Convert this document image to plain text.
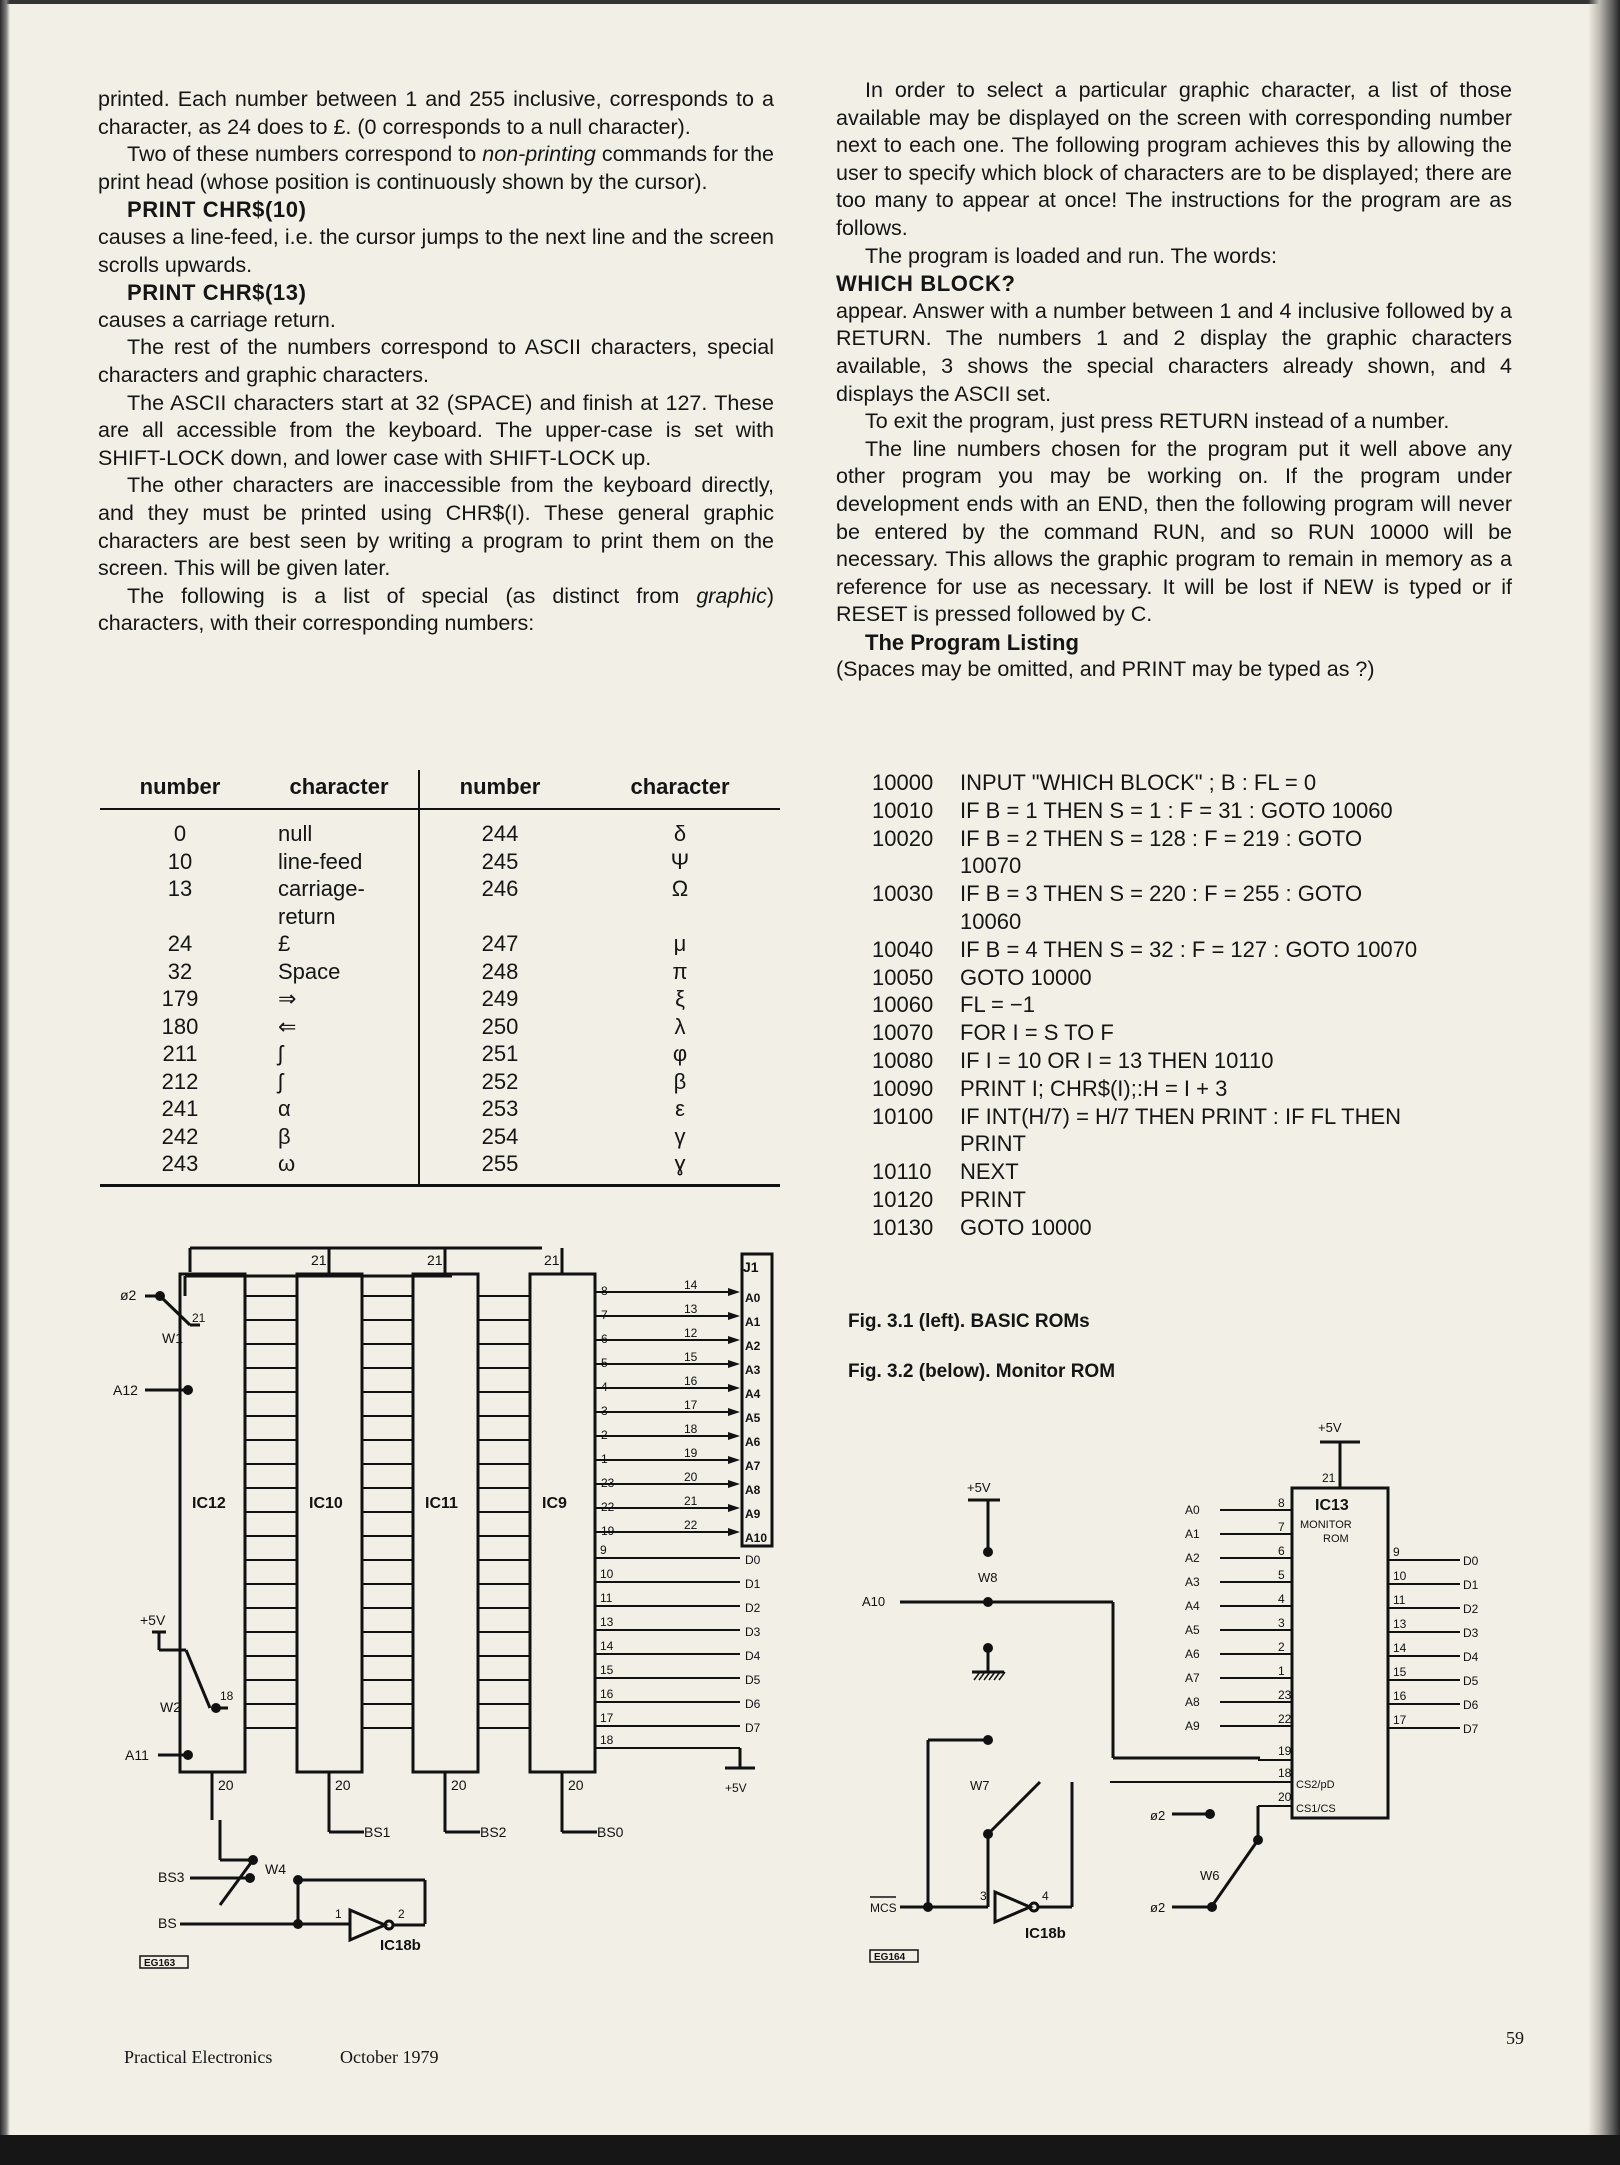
printed. Each number between 1 and 255 inclusive, corresponds to a character, as 24 does to £. (0 corresponds to a null character).

Two of these numbers correspond to non-printing commands for the print head (whose position is continuously shown by the cursor).

PRINT CHR$(10)

causes a line-feed, i.e. the cursor jumps to the next line and the screen scrolls upwards.

PRINT CHR$(13)

causes a carriage return.

The rest of the numbers correspond to ASCII characters, special characters and graphic characters.

The ASCII characters start at 32 (SPACE) and finish at 127. These are all accessible from the keyboard. The upper-case is set with SHIFT-LOCK down, and lower case with SHIFT-LOCK up.

The other characters are inaccessible from the keyboard directly, and they must be printed using CHR$(I). These general graphic characters are best seen by writing a program to print them on the screen. This will be given later.

The following is a list of special (as distinct from graphic) characters, with their corresponding numbers:

number	character	number	character
0	null	244	δ
10	line-feed	245	Ψ
13	carriage-	246	Ω
	return		
24	£	247	μ
32	Space	248	π
179	⇒	249	ξ
180	⇐	250	λ
211	ʃ	251	φ
212	ʃ	252	β
241	α	253	ε
242	β	254	γ
243	ω	255	ɣ

In order to select a particular graphic character, a list of those available may be displayed on the screen with corresponding number next to each one. The following program achieves this by allowing the user to specify which block of characters are to be displayed; there are too many to appear at once! The instructions for the program are as follows.

The program is loaded and run. The words:

WHICH BLOCK?

appear. Answer with a number between 1 and 4 inclusive followed by a RETURN. The numbers 1 and 2 display the graphic characters available, 3 shows the special characters already shown, and 4 displays the ASCII set.

To exit the program, just press RETURN instead of a number.

The line numbers chosen for the program put it well above any other program you may be working on. If the program under development ends with an END, then the following program will never be entered by the command RUN, and so RUN 10000 will be necessary. This allows the graphic program to remain in memory as a reference for use as necessary. It will be lost if NEW is typed or if RESET is pressed followed by C.

The Program Listing

(Spaces may be omitted, and PRINT may be typed as ?)

10000	INPUT "WHICH BLOCK" ; B : FL = 0
10010	IF B = 1 THEN S = 1 : F = 31 : GOTO 10060
10020	IF B = 2 THEN S = 128 : F = 219 : GOTO
10070
10030	IF B = 3 THEN S = 220 : F = 255 : GOTO
10060
10040	IF B = 4 THEN S = 32 : F = 127 : GOTO 10070
10050	GOTO 10000
10060	FL = −1
10070	FOR I = S TO F
10080	IF I = 10 OR I = 13 THEN 10110
10090	PRINT I; CHR$(I);:H = I + 3
10100	IF INT(H/7) = H/7 THEN PRINT : IF FL THEN
PRINT
10110	NEXT
10120	PRINT
10130	GOTO 10000
Fig. 3.1 (left). BASIC ROMs
Fig. 3.2 (below). Monitor ROM
IC12
20
IC10
21
20
IC11
21
20
IC9
21
20
ø2
W1
21
A12
+5V
18
W2
A11
W4
BS3
BS
1	2
IC18b
BS1	BS2	BS0
J1
14
8	A0
13
7	A1
12
6	A2
15
5	A3
16
4	A4
17
3	A5
18
2	A6
19
1	A7
20
23	A8
21
22	A9
22
19	A10
9
D0
10
D1
11
D2
13
D3
14
D4
15
D5
16
D6
17
D7
18
+5V
EG163
IC13
MONITOR
ROM
+5V
21
A0	8
A1	7
A2	6
A3	5
A4	4
A5	3
A6	2
A7	1
A8	23
A9	22
9
D0
10
D1
11
D2
13
D3
14
D4
15
D5
16
D6
17
D7
19
18
CS2/pD
20
CS1/CS
A10
W8
+5V
W7
MCS
3	4
IC18b
ø2
W6
ø2
EG164
Practical Electronics	October 1979
59
